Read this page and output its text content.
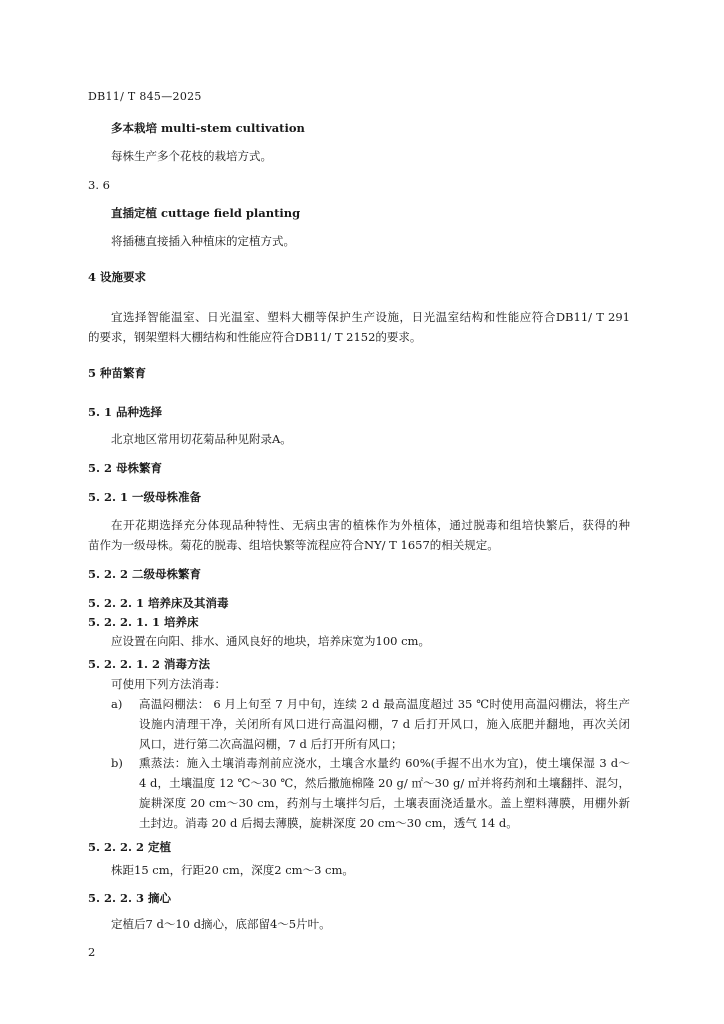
DB11/ T 845—2025
多本栽培 multi-stem cultivation
每株生产多个花枝的栽培方式。
3. 6
直插定植 cuttage field planting
将插穗直接插入种植床的定植方式。
4 设施要求
宜选择智能温室、日光温室、塑料大棚等保护生产设施，日光温室结构和性能应符合DB11/ T 291
的要求，钢架塑料大棚结构和性能应符合DB11/ T 2152的要求。
5 种苗繁育
5. 1 品种选择
北京地区常用切花菊品种见附录A。
5. 2 母株繁育
5. 2. 1 一级母株准备
在开花期选择充分体现品种特性、无病虫害的植株作为外植体，通过脱毒和组培快繁后，获得的种
苗作为一级母株。菊花的脱毒、组培快繁等流程应符合NY/ T 1657的相关规定。
5. 2. 2 二级母株繁育
5. 2. 2. 1 培养床及其消毒
5. 2. 2. 1. 1 培养床
应设置在向阳、排水、通风良好的地块，培养床宽为100 cm。
5. 2. 2. 1. 2 消毒方法
可使用下列方法消毒：
a) 高温闷棚法： 6 月上旬至 7 月中旬，连续 2 d 最高温度超过 35 ℃时使用高温闷棚法，将生产
设施内清理干净，关闭所有风口进行高温闷棚，7 d 后打开风口，施入底肥并翻地，再次关闭
风口，进行第二次高温闷棚，7 d 后打开所有风口；
b) 熏蒸法：施入土壤消毒剂前应浇水，土壤含水量约 60%(手握不出水为宜)，使土壤保湿 3 d～
4 d，土壤温度 12 ℃～30 ℃，然后撒施棉隆 20 g/ ㎡～30 g/ ㎡并将药剂和土壤翻拌、混匀，
旋耕深度 20 cm～30 cm，药剂与土壤拌匀后，土壤表面浇适量水。盖上塑料薄膜，用棚外新
土封边。消毒 20 d 后揭去薄膜，旋耕深度 20 cm～30 cm，透气 14 d。
5. 2. 2. 2 定植
株距15 cm，行距20 cm，深度2 cm～3 cm。
5. 2. 2. 3 摘心
定植后7 d～10 d摘心，底部留4～5片叶。
2
